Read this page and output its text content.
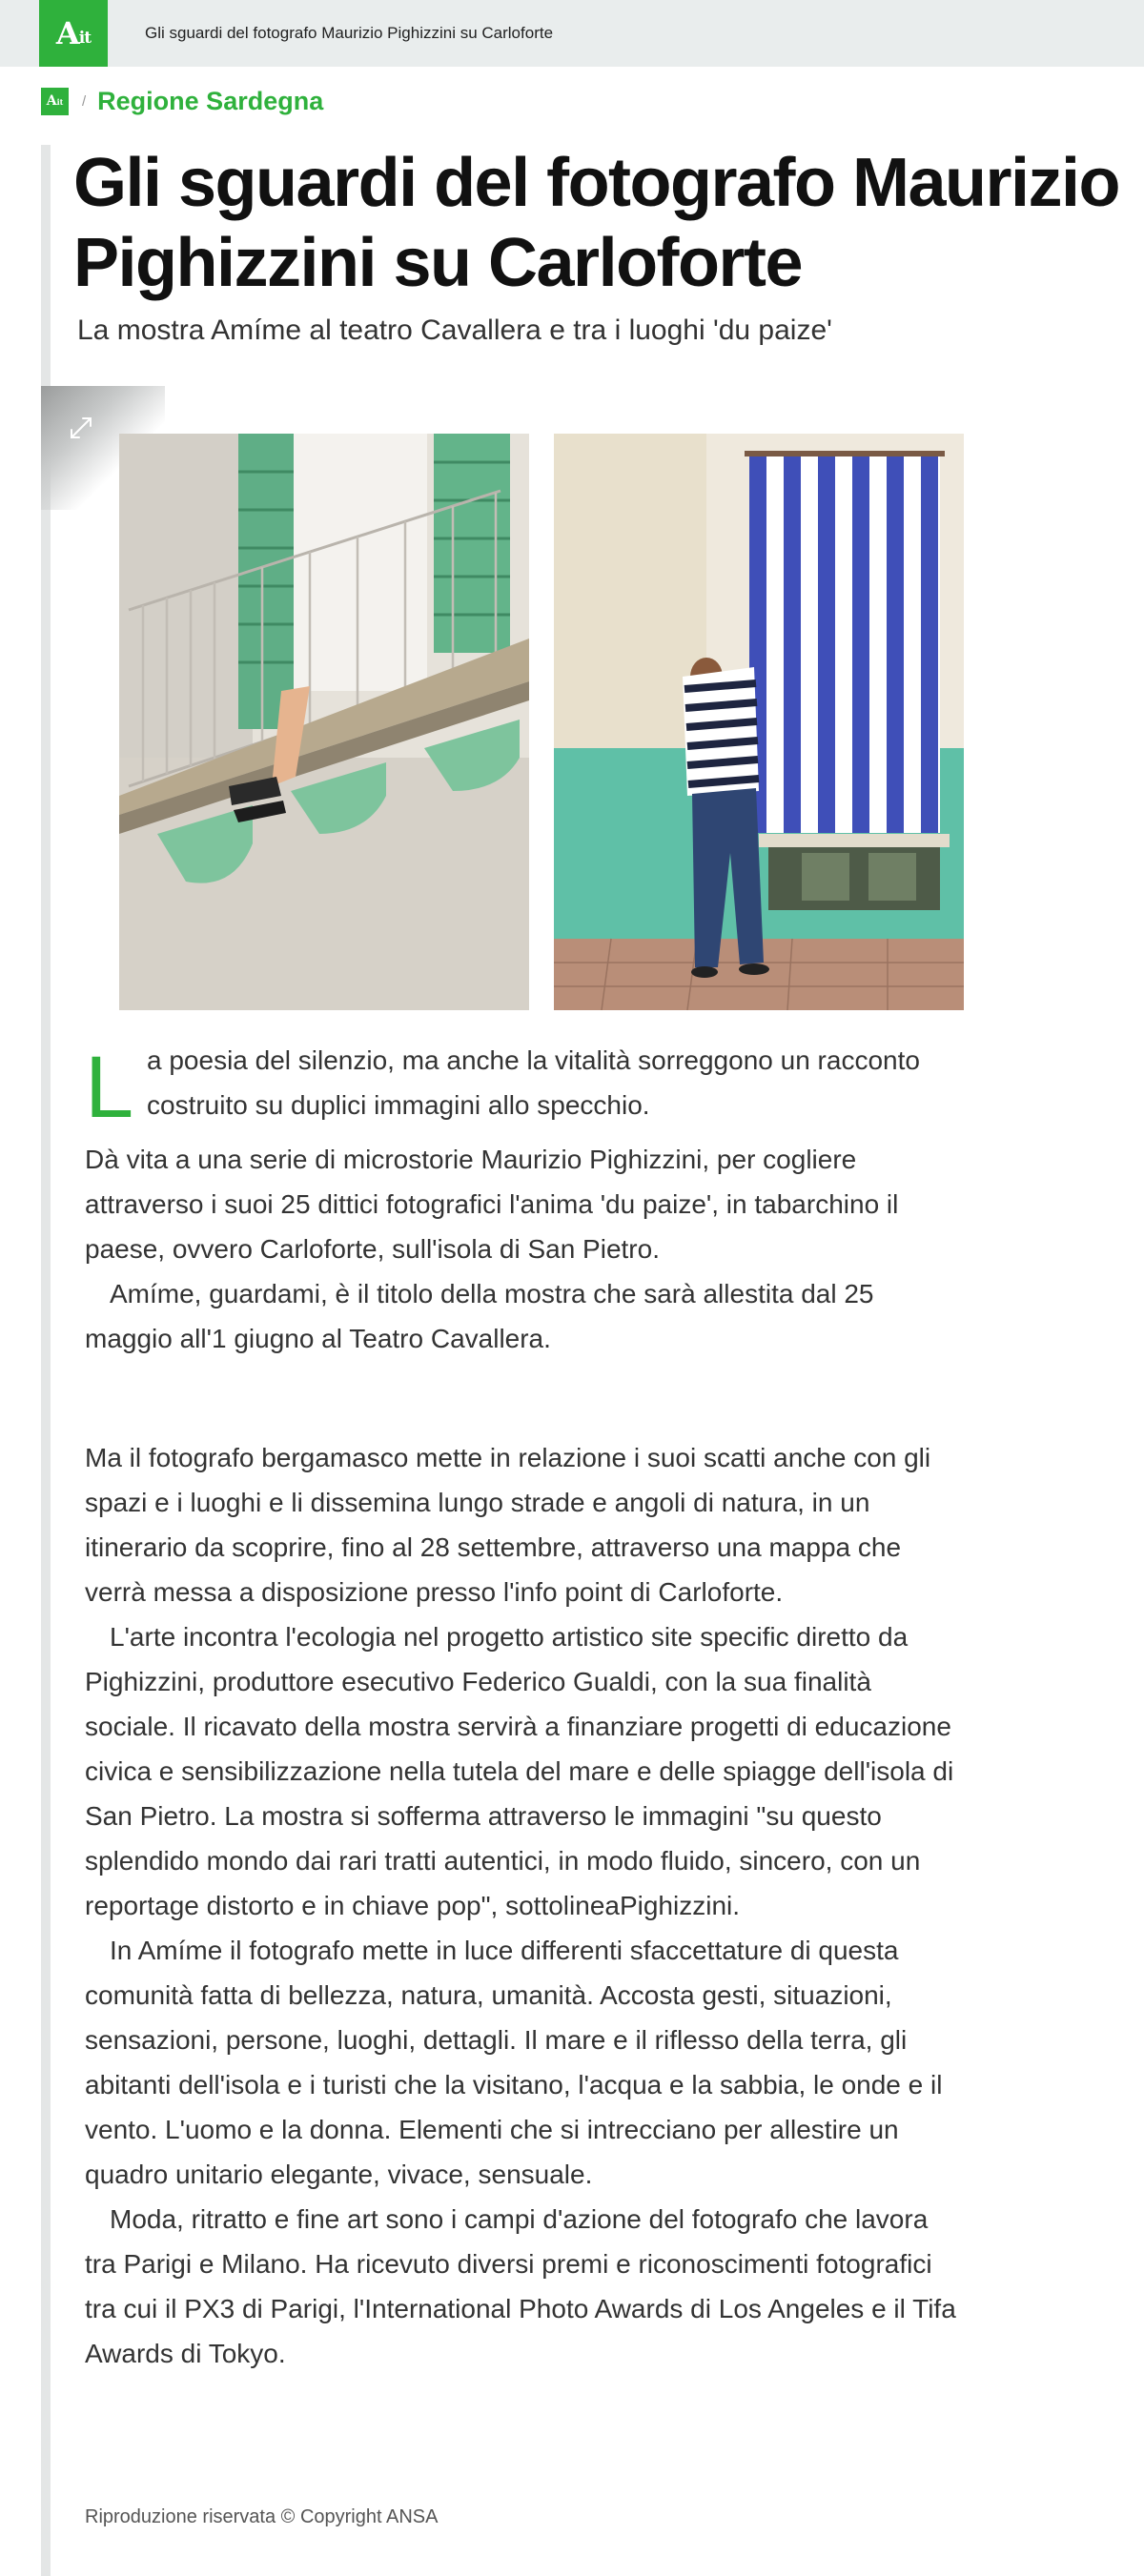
Ait	Gli sguardi del fotografo Maurizio Pighizzini su Carloforte
Ait	/ Regione Sardegna
Gli sguardi del fotografo Maurizio Pighizzini su Carloforte

La mostra Amíme al teatro Cavallera e tra i luoghi 'du paize'

L a poesia del silenzio, ma anche la vitalità sorreggono un racconto costruito su duplici immagini allo specchio.

Dà vita a una serie di microstorie Maurizio Pighizzini, per cogliere attraverso i suoi 25 dittici fotografici l'anima 'du paize', in tabarchino il paese, ovvero Carloforte, sull'isola di San Pietro.

Amíme, guardami, è il titolo della mostra che sarà allestita dal 25 maggio all'1 giugno al Teatro Cavallera.

Ma il fotografo bergamasco mette in relazione i suoi scatti anche con gli spazi e i luoghi e li dissemina lungo strade e angoli di natura, in un itinerario da scoprire, fino al 28 settembre, attraverso una mappa che verrà messa a disposizione presso l'info point di Carloforte.

L'arte incontra l'ecologia nel progetto artistico site specific diretto da Pighizzini, produttore esecutivo Federico Gualdi, con la sua finalità sociale. Il ricavato della mostra servirà a finanziare progetti di educazione civica e sensibilizzazione nella tutela del mare e delle spiagge dell'isola di San Pietro. La mostra si sofferma attraverso le immagini "su questo splendido mondo dai rari tratti autentici, in modo fluido, sincero, con un reportage distorto e in chiave pop", sottolineaPighizzini.

In Amíme il fotografo mette in luce differenti sfaccettature di questa comunità fatta di bellezza, natura, umanità. Accosta gesti, situazioni, sensazioni, persone, luoghi, dettagli. Il mare e il riflesso della terra, gli abitanti dell'isola e i turisti che la visitano, l'acqua e la sabbia, le onde e il vento. L'uomo e la donna. Elementi che si intrecciano per allestire un quadro unitario elegante, vivace, sensuale.

Moda, ritratto e fine art sono i campi d'azione del fotografo che lavora tra Parigi e Milano. Ha ricevuto diversi premi e riconoscimenti fotografici tra cui il PX3 di Parigi, l'International Photo Awards di Los Angeles e il Tifa Awards di Tokyo.

Riproduzione riservata © Copyright ANSA
